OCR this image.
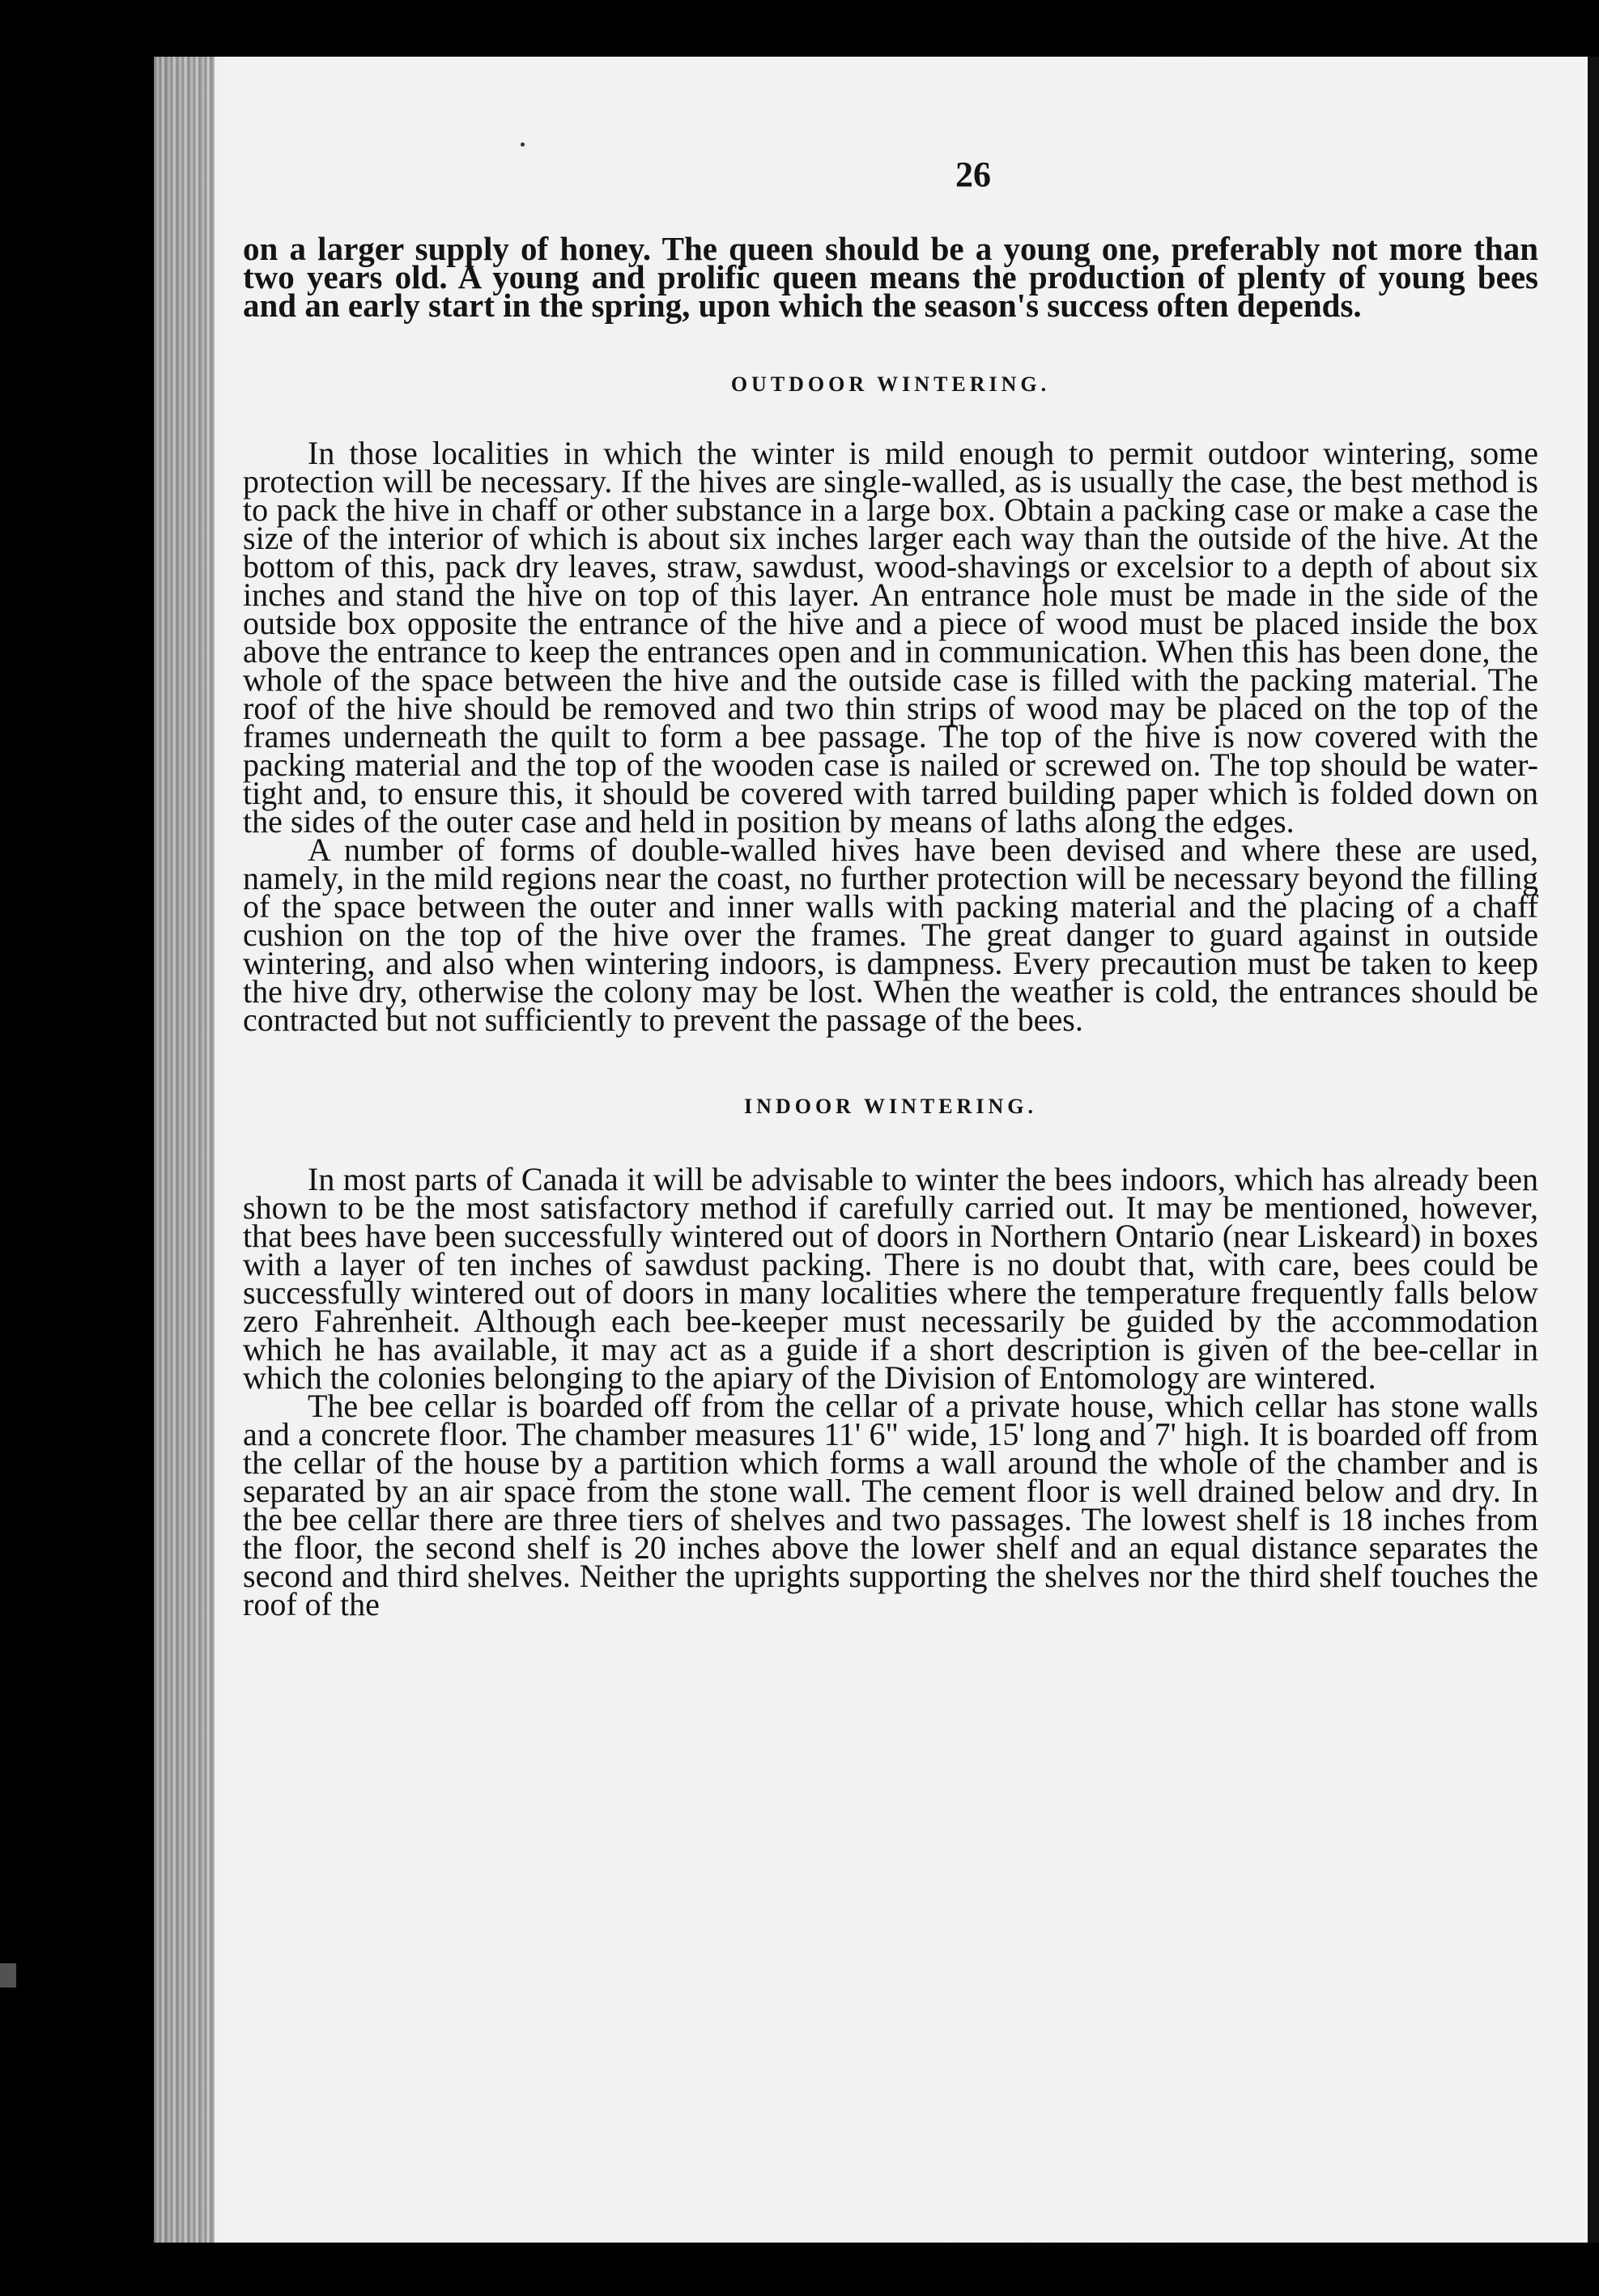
26

on a larger supply of honey. The queen should be a young one, preferably not more than two years old. A young and prolific queen means the production of plenty of young bees and an early start in the spring, upon which the season's success often depends.

OUTDOOR WINTERING.

In those localities in which the winter is mild enough to permit outdoor wintering, some protection will be necessary. If the hives are single-walled, as is usually the case, the best method is to pack the hive in chaff or other substance in a large box. Obtain a packing case or make a case the size of the interior of which is about six inches larger each way than the outside of the hive. At the bottom of this, pack dry leaves, straw, sawdust, wood-shavings or excelsior to a depth of about six inches and stand the hive on top of this layer. An entrance hole must be made in the side of the outside box opposite the entrance of the hive and a piece of wood must be placed inside the box above the entrance to keep the entrances open and in communication. When this has been done, the whole of the space between the hive and the outside case is filled with the packing material. The roof of the hive should be removed and two thin strips of wood may be placed on the top of the frames underneath the quilt to form a bee passage. The top of the hive is now covered with the packing material and the top of the wooden case is nailed or screwed on. The top should be water-tight and, to ensure this, it should be covered with tarred building paper which is folded down on the sides of the outer case and held in position by means of laths along the edges.

A number of forms of double-walled hives have been devised and where these are used, namely, in the mild regions near the coast, no further protection will be necessary beyond the filling of the space between the outer and inner walls with packing material and the placing of a chaff cushion on the top of the hive over the frames. The great danger to guard against in outside wintering, and also when wintering indoors, is dampness. Every precaution must be taken to keep the hive dry, otherwise the colony may be lost. When the weather is cold, the entrances should be contracted but not sufficiently to prevent the passage of the bees.

INDOOR WINTERING.

In most parts of Canada it will be advisable to winter the bees indoors, which has already been shown to be the most satisfactory method if carefully carried out. It may be mentioned, however, that bees have been successfully wintered out of doors in Northern Ontario (near Liskeard) in boxes with a layer of ten inches of sawdust packing. There is no doubt that, with care, bees could be successfully wintered out of doors in many localities where the temperature frequently falls below zero Fahrenheit. Although each bee-keeper must necessarily be guided by the accommodation which he has available, it may act as a guide if a short description is given of the bee-cellar in which the colonies belonging to the apiary of the Division of Entomology are wintered.

The bee cellar is boarded off from the cellar of a private house, which cellar has stone walls and a concrete floor. The chamber measures 11' 6" wide, 15' long and 7' high. It is boarded off from the cellar of the house by a partition which forms a wall around the whole of the chamber and is separated by an air space from the stone wall. The cement floor is well drained below and dry. In the bee cellar there are three tiers of shelves and two passages. The lowest shelf is 18 inches from the floor, the second shelf is 20 inches above the lower shelf and an equal distance separates the second and third shelves. Neither the uprights supporting the shelves nor the third shelf touches the roof of the
